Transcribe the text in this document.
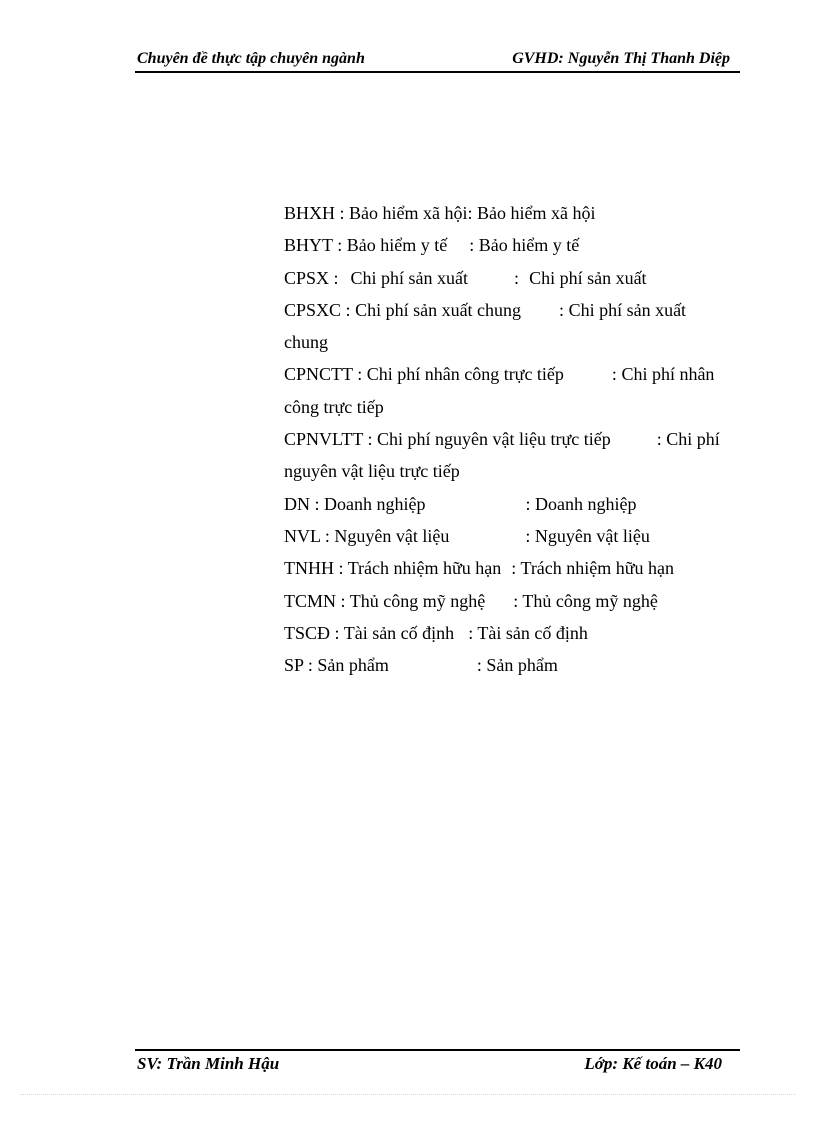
Chuyên đề thực tập chuyên ngành	GVHD: Nguyễn Thị Thanh Diệp
BHXH : Bảo hiểm xã hội: Bảo hiểm xã hội
BHYT : Bảo hiểm y tế : Bảo hiểm y tế
CPSX : Chi phí sản xuất	: Chi phí sản xuất
CPSXC : Chi phí sản xuất chung : Chi phí sản xuất chung
CPNCTT : Chi phí nhân công trực tiếp	: Chi phí nhân công trực tiếp
CPNVLTT : Chi phí nguyên vật liệu trực tiếp	: Chi phí nguyên vật liệu trực tiếp
DN : Doanh nghiệp	: Doanh nghiệp
NVL : Nguyên vật liệu	: Nguyên vật liệu
TNHH : Trách nhiệm hữu hạn : Trách nhiệm hữu hạn
TCMN : Thủ công mỹ nghệ : Thủ công mỹ nghệ
TSCĐ : Tài sản cố định : Tài sản cố định
SP : Sản phẩm	: Sản phẩm
SV: Trần Minh Hậu	Lớp: Kế toán – K40
